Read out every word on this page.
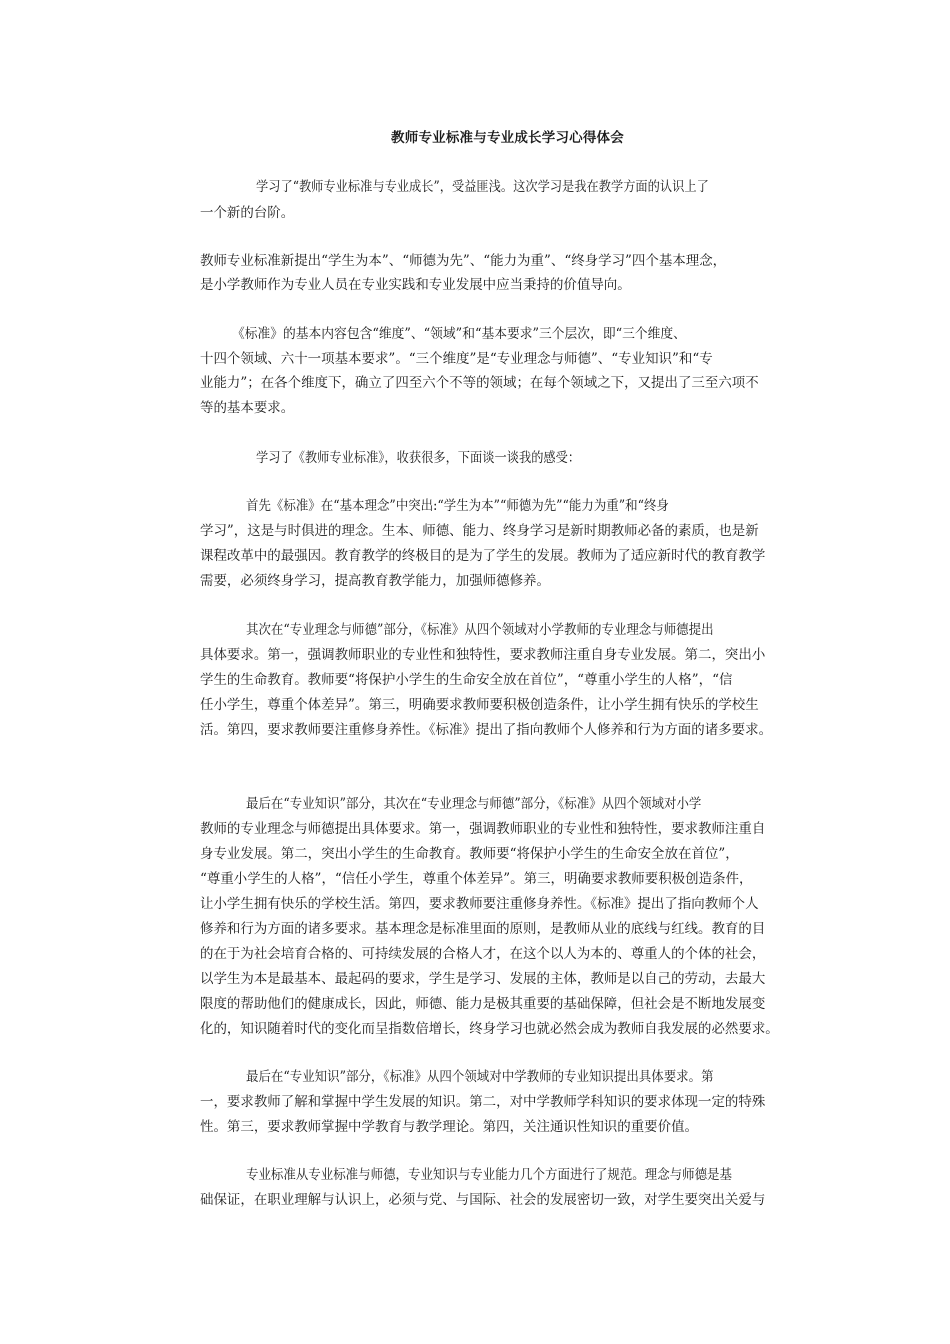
教师专业标准与专业成长学习心得体会
学习了“教师专业标准与专业成长”，受益匪浅。这次学习是我在教学方面的认识上了
一个新的台阶。
教师专业标准新提出“学生为本”、“师德为先”、“能力为重”、“终身学习”四个基本理念，
是小学教师作为专业人员在专业实践和专业发展中应当秉持的价值导向。
《标准》的基本内容包含“维度”、“领域”和“基本要求”三个层次，即“三个维度、
十四个领域、六十一项基本要求”。“三个维度”是“专业理念与师德”、“专业知识”和“专
业能力”；在各个维度下，确立了四至六个不等的领域；在每个领域之下，又提出了三至六项不
等的基本要求。
学习了《教师专业标准》，收获很多，下面谈一谈我的感受：
首先《标准》在“基本理念”中突出:“学生为本”“师德为先”“能力为重”和“终身
学习”，这是与时俱进的理念。生本、师德、能力、终身学习是新时期教师必备的素质，也是新
课程改革中的最强因。教育教学的终极目的是为了学生的发展。教师为了适应新时代的教育教学
需要，必须终身学习，提高教育教学能力，加强师德修养。
其次在“专业理念与师德”部分，《标准》从四个领域对小学教师的专业理念与师德提出
具体要求。第一，强调教师职业的专业性和独特性，要求教师注重自身专业发展。第二，突出小
学生的生命教育。教师要“将保护小学生的生命安全放在首位”，“尊重小学生的人格”，“信
任小学生，尊重个体差异”。第三，明确要求教师要积极创造条件，让小学生拥有快乐的学校生
活。第四，要求教师要注重修身养性。《标准》提出了指向教师个人修养和行为方面的诸多要求。
最后在“专业知识”部分，其次在“专业理念与师德”部分，《标准》从四个领域对小学
教师的专业理念与师德提出具体要求。第一，强调教师职业的专业性和独特性，要求教师注重自
身专业发展。第二，突出小学生的生命教育。教师要“将保护小学生的生命安全放在首位”，
“尊重小学生的人格”，“信任小学生，尊重个体差异”。第三，明确要求教师要积极创造条件，
让小学生拥有快乐的学校生活。第四，要求教师要注重修身养性。《标准》提出了指向教师个人
修养和行为方面的诸多要求。基本理念是标准里面的原则，是教师从业的底线与红线。教育的目
的在于为社会培育合格的、可持续发展的合格人才，在这个以人为本的、尊重人的个体的社会，
以学生为本是最基本、最起码的要求，学生是学习、发展的主体，教师是以自己的劳动，去最大
限度的帮助他们的健康成长，因此，师德、能力是极其重要的基础保障，但社会是不断地发展变
化的，知识随着时代的变化而呈指数倍增长，终身学习也就必然会成为教师自我发展的必然要求。
最后在“专业知识”部分，《标准》从四个领域对中学教师的专业知识提出具体要求。第
一，要求教师了解和掌握中学生发展的知识。第二，对中学教师学科知识的要求体现一定的特殊
性。第三，要求教师掌握中学教育与教学理论。第四，关注通识性知识的重要价值。
专业标准从专业标准与师德，专业知识与专业能力几个方面进行了规范。理念与师德是基
础保证，在职业理解与认识上，必须与党、与国际、社会的发展密切一致，对学生要突出关爱与
